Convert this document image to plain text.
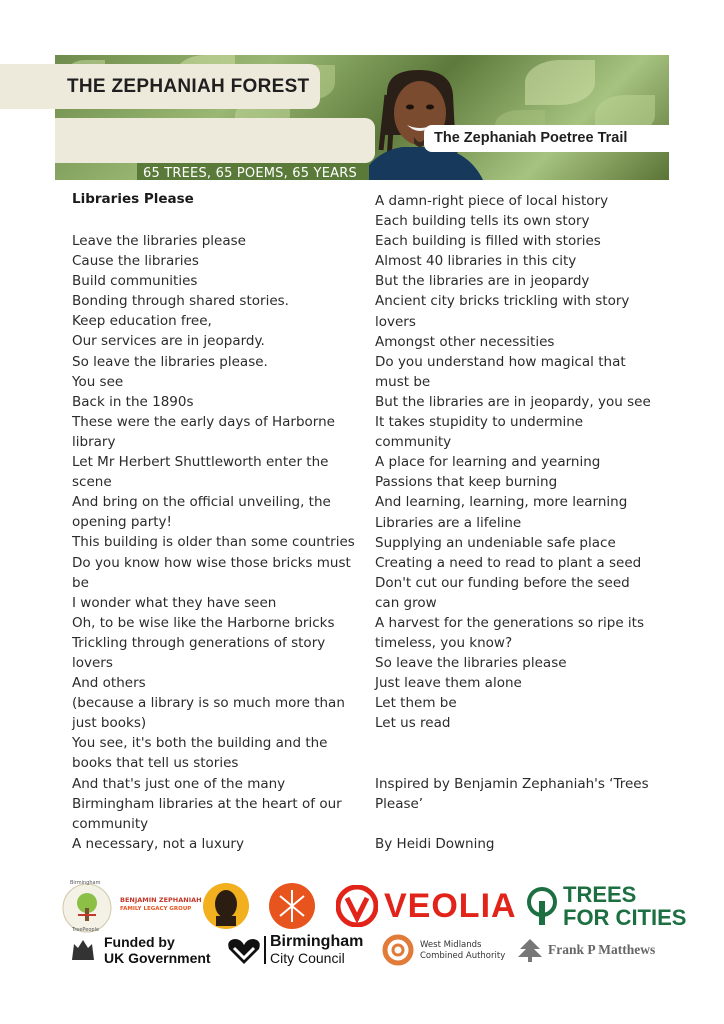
65 TREES, 65 POEMS, 65 YEARS
THE ZEPHANIAH FOREST
The Zephaniah Poetree Trail
Libraries Please
Leave the libraries please
Cause the libraries
Build communities
Bonding through shared stories.
Keep education free,
Our services are in jeopardy.
So leave the libraries please.
You see
Back in the 1890s
These were the early days of Harborne
library
Let Mr Herbert Shuttleworth enter the
scene
And bring on the official unveiling, the
opening party!
This building is older than some countries
Do you know how wise those bricks must
be
I wonder what they have seen
Oh, to be wise like the Harborne bricks
Trickling through generations of story
lovers
And others
(because a library is so much more than
just books)
You see, it's both the building and the
books that tell us stories
And that's just one of the many
Birmingham libraries at the heart of our
community
A necessary, not a luxury
A damn-right piece of local history
Each building tells its own story
Each building is filled with stories
Almost 40 libraries in this city
But the libraries are in jeopardy
Ancient city bricks trickling with story
lovers
Amongst other necessities
Do you understand how magical that
must be
But the libraries are in jeopardy, you see
It takes stupidity to undermine
community
A place for learning and yearning
Passions that keep burning
And learning, learning, more learning
Libraries are a lifeline
Supplying an undeniable safe place
Creating a need to read to plant a seed
Don't cut our funding before the seed
can grow
A harvest for the generations so ripe its
timeless, you know?
So leave the libraries please
Just leave them alone
Let them be
Let us read
Inspired by Benjamin Zephaniah's ‘Trees
Please’
By Heidi Downing
Birmingham
TreePeople
BENJAMIN ZEPHANIAH
FAMILY LEGACY GROUP	VEOLIA TREES
FOR CITIES
Funded by
UK Government
Birmingham
City Council
West Midlands
Combined Authority	Frank P Matthews
